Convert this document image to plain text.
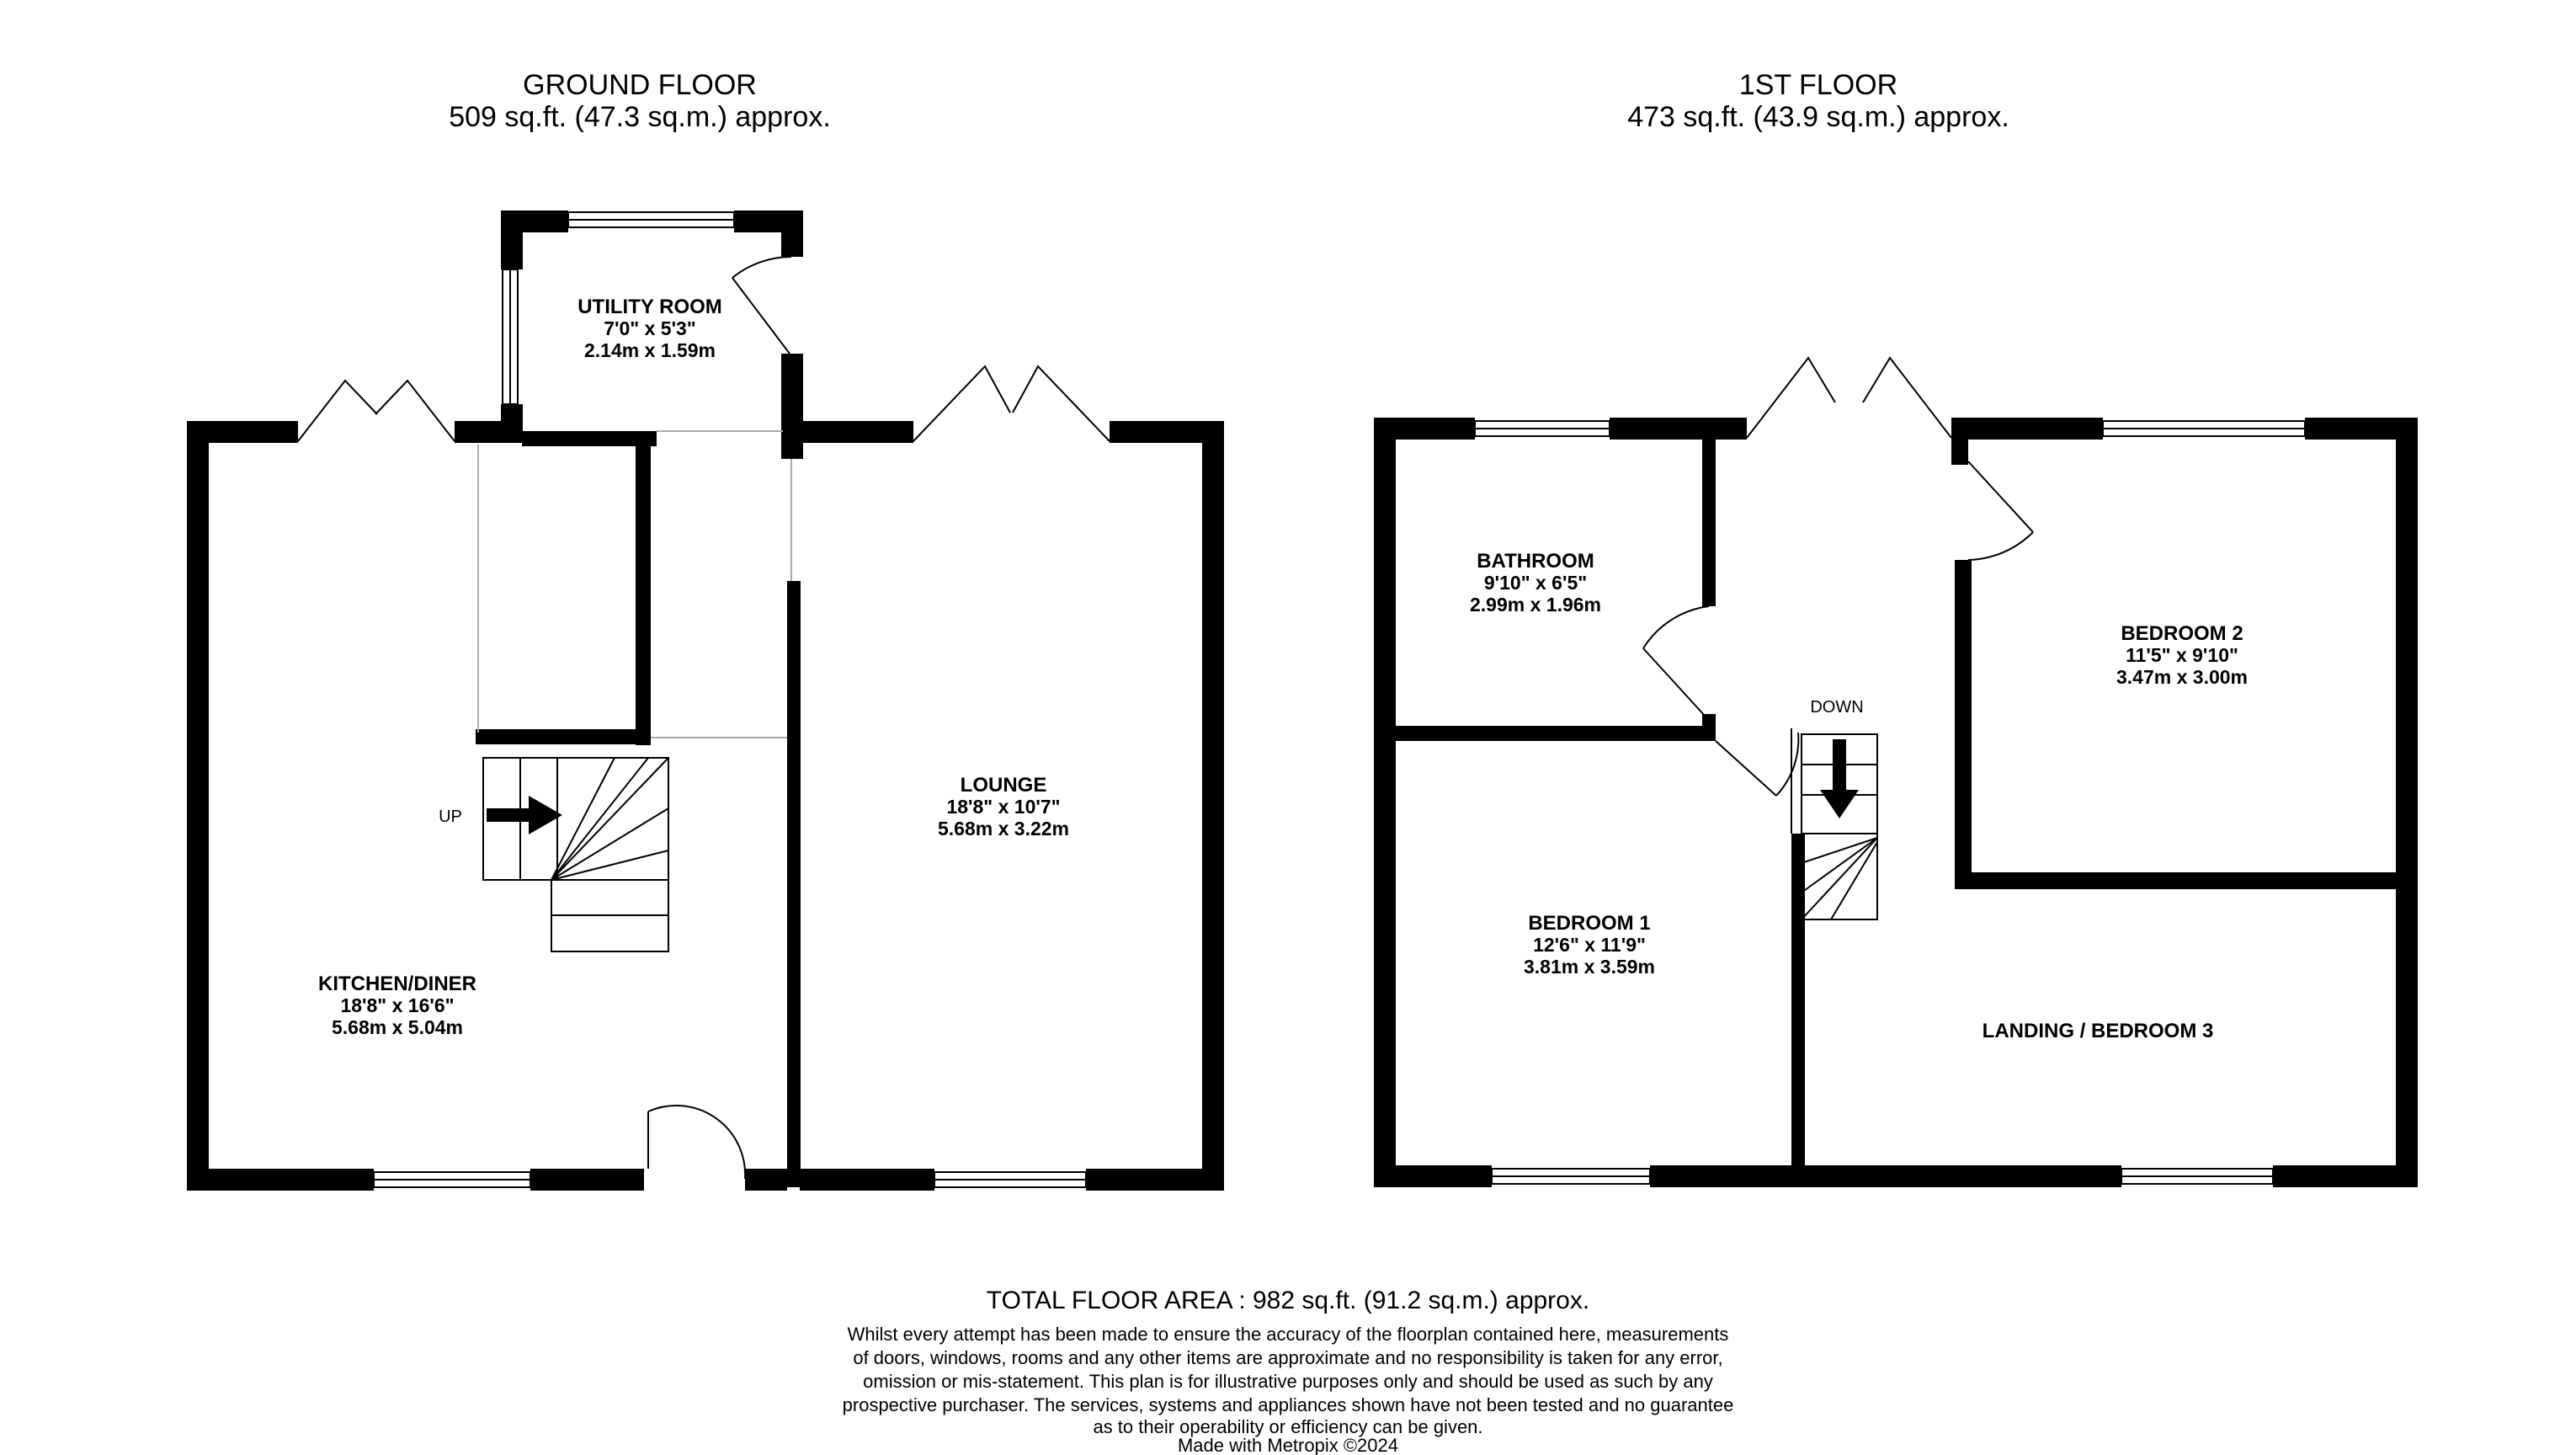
GROUND FLOOR
509 sq.ft. (47.3 sq.m.) approx.
1ST FLOOR
473 sq.ft. (43.9 sq.m.) approx.
UP
UTILITY ROOM
7'0" x 5'3"
2.14m x 1.59m
LOUNGE
18'8" x 10'7"
5.68m x 3.22m
KITCHEN/DINER
18'8" x 16'6"
5.68m x 5.04m
DOWN
BATHROOM
9'10" x 6'5"
2.99m x 1.96m
BEDROOM 2
11'5" x 9'10"
3.47m x 3.00m
BEDROOM 1
12'6" x 11'9"
3.81m x 3.59m
LANDING / BEDROOM 3
TOTAL FLOOR AREA : 982 sq.ft. (91.2 sq.m.) approx.
Whilst every attempt has been made to ensure the accuracy of the floorplan contained here, measurements
of doors, windows, rooms and any other items are approximate and no responsibility is taken for any error,
omission or mis-statement. This plan is for illustrative purposes only and should be used as such by any
prospective purchaser. The services, systems and appliances shown have not been tested and no guarantee
as to their operability or efficiency can be given.
Made with Metropix ©2024
